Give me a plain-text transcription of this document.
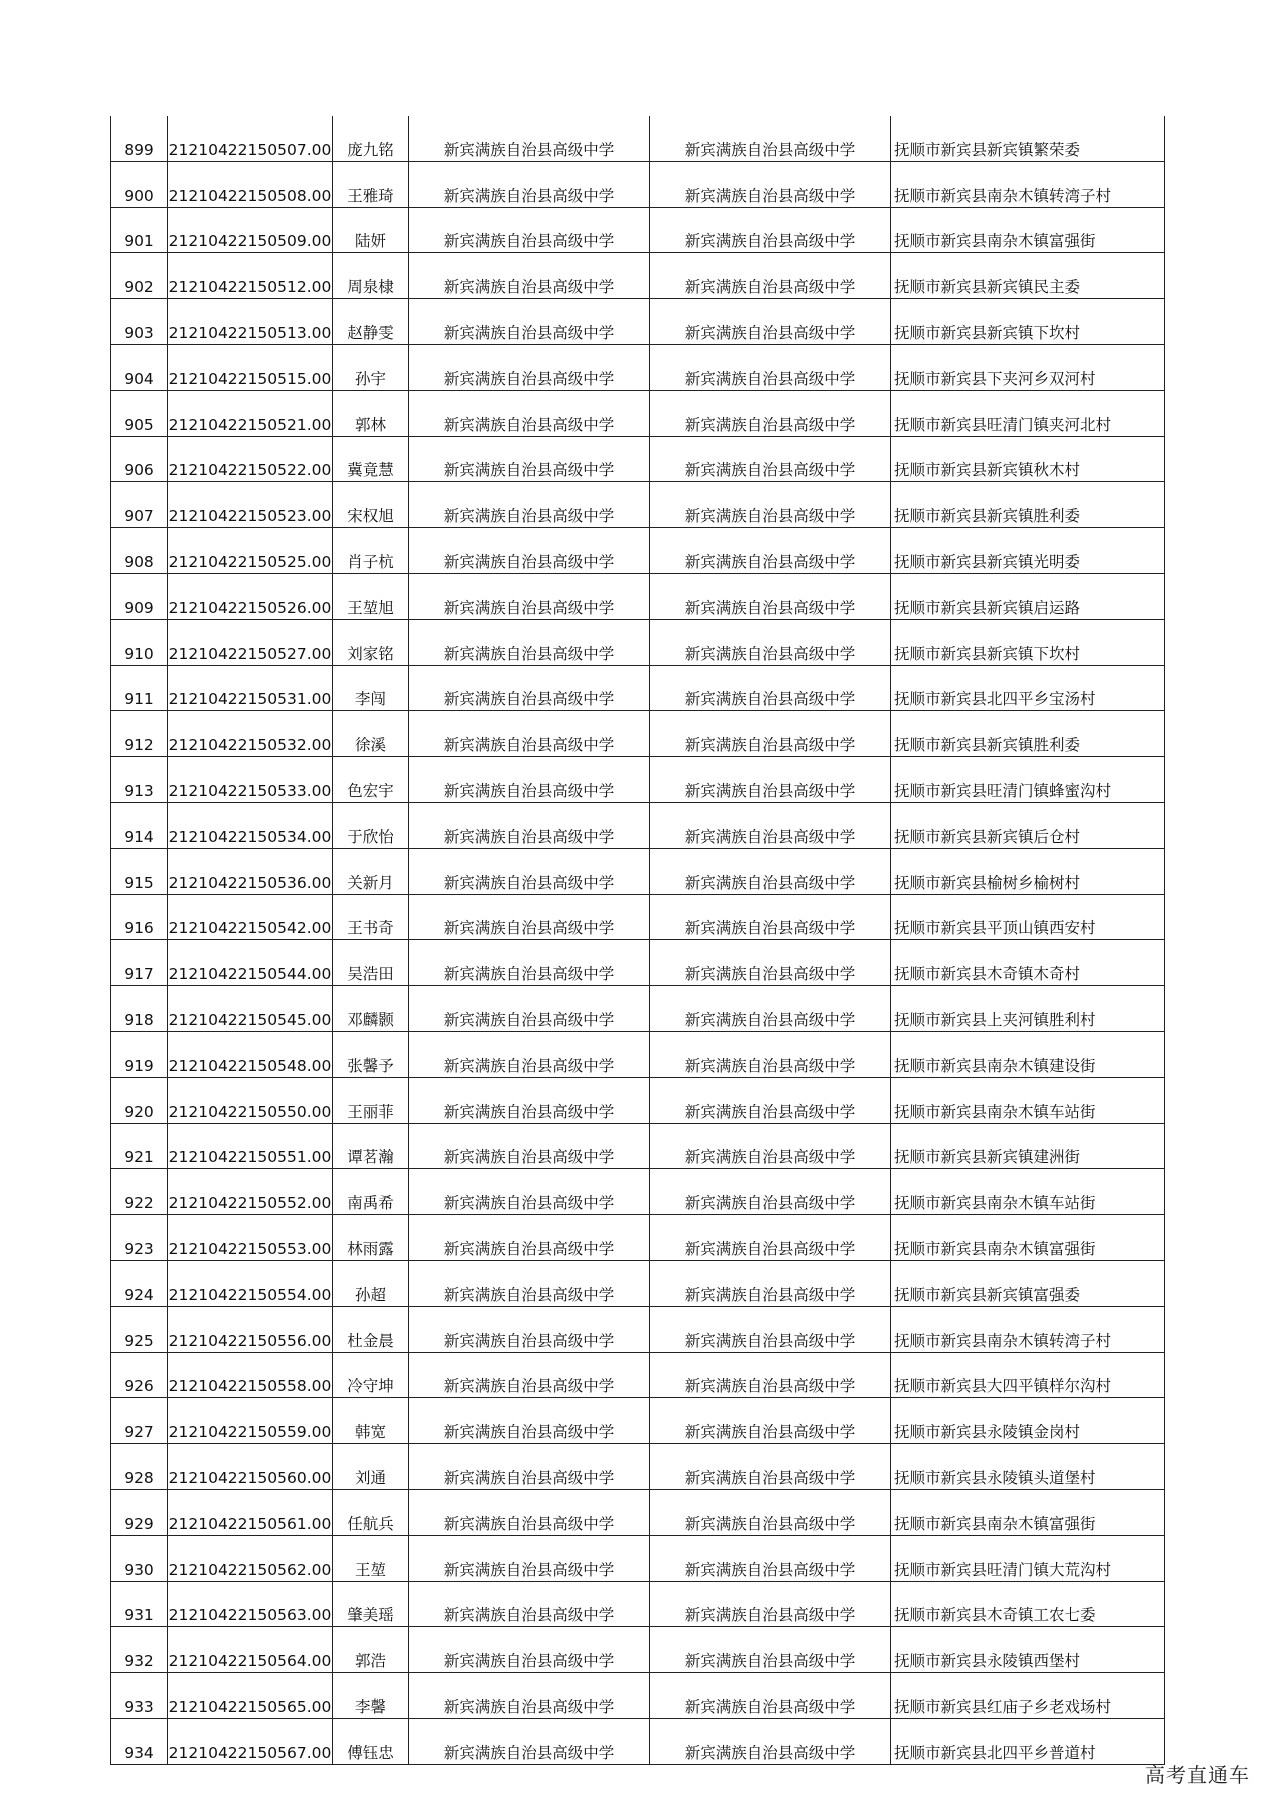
899	21210422150507.00	庞九铭	新宾满族自治县高级中学	新宾满族自治县高级中学	抚顺市新宾县新宾镇繁荣委
900	21210422150508.00	王雅琦	新宾满族自治县高级中学	新宾满族自治县高级中学	抚顺市新宾县南杂木镇转湾子村
901	21210422150509.00	陆妍	新宾满族自治县高级中学	新宾满族自治县高级中学	抚顺市新宾县南杂木镇富强街
902	21210422150512.00	周泉棣	新宾满族自治县高级中学	新宾满族自治县高级中学	抚顺市新宾县新宾镇民主委
903	21210422150513.00	赵静雯	新宾满族自治县高级中学	新宾满族自治县高级中学	抚顺市新宾县新宾镇下坎村
904	21210422150515.00	孙宇	新宾满族自治县高级中学	新宾满族自治县高级中学	抚顺市新宾县下夹河乡双河村
905	21210422150521.00	郭林	新宾满族自治县高级中学	新宾满族自治县高级中学	抚顺市新宾县旺清门镇夹河北村
906	21210422150522.00	冀竟慧	新宾满族自治县高级中学	新宾满族自治县高级中学	抚顺市新宾县新宾镇秋木村
907	21210422150523.00	宋权旭	新宾满族自治县高级中学	新宾满族自治县高级中学	抚顺市新宾县新宾镇胜利委
908	21210422150525.00	肖子杭	新宾满族自治县高级中学	新宾满族自治县高级中学	抚顺市新宾县新宾镇光明委
909	21210422150526.00	王堃旭	新宾满族自治县高级中学	新宾满族自治县高级中学	抚顺市新宾县新宾镇启运路
910	21210422150527.00	刘家铭	新宾满族自治县高级中学	新宾满族自治县高级中学	抚顺市新宾县新宾镇下坎村
911	21210422150531.00	李闯	新宾满族自治县高级中学	新宾满族自治县高级中学	抚顺市新宾县北四平乡宝汤村
912	21210422150532.00	徐溪	新宾满族自治县高级中学	新宾满族自治县高级中学	抚顺市新宾县新宾镇胜利委
913	21210422150533.00	色宏宇	新宾满族自治县高级中学	新宾满族自治县高级中学	抚顺市新宾县旺清门镇蜂蜜沟村
914	21210422150534.00	于欣怡	新宾满族自治县高级中学	新宾满族自治县高级中学	抚顺市新宾县新宾镇后仓村
915	21210422150536.00	关新月	新宾满族自治县高级中学	新宾满族自治县高级中学	抚顺市新宾县榆树乡榆树村
916	21210422150542.00	王书奇	新宾满族自治县高级中学	新宾满族自治县高级中学	抚顺市新宾县平顶山镇西安村
917	21210422150544.00	吴浩田	新宾满族自治县高级中学	新宾满族自治县高级中学	抚顺市新宾县木奇镇木奇村
918	21210422150545.00	邓麟颢	新宾满族自治县高级中学	新宾满族自治县高级中学	抚顺市新宾县上夹河镇胜利村
919	21210422150548.00	张馨予	新宾满族自治县高级中学	新宾满族自治县高级中学	抚顺市新宾县南杂木镇建设街
920	21210422150550.00	王丽菲	新宾满族自治县高级中学	新宾满族自治县高级中学	抚顺市新宾县南杂木镇车站街
921	21210422150551.00	谭茗瀚	新宾满族自治县高级中学	新宾满族自治县高级中学	抚顺市新宾县新宾镇建洲街
922	21210422150552.00	南禹希	新宾满族自治县高级中学	新宾满族自治县高级中学	抚顺市新宾县南杂木镇车站街
923	21210422150553.00	林雨露	新宾满族自治县高级中学	新宾满族自治县高级中学	抚顺市新宾县南杂木镇富强街
924	21210422150554.00	孙超	新宾满族自治县高级中学	新宾满族自治县高级中学	抚顺市新宾县新宾镇富强委
925	21210422150556.00	杜金晨	新宾满族自治县高级中学	新宾满族自治县高级中学	抚顺市新宾县南杂木镇转湾子村
926	21210422150558.00	冷守坤	新宾满族自治县高级中学	新宾满族自治县高级中学	抚顺市新宾县大四平镇样尔沟村
927	21210422150559.00	韩宽	新宾满族自治县高级中学	新宾满族自治县高级中学	抚顺市新宾县永陵镇金岗村
928	21210422150560.00	刘通	新宾满族自治县高级中学	新宾满族自治县高级中学	抚顺市新宾县永陵镇头道堡村
929	21210422150561.00	任航兵	新宾满族自治县高级中学	新宾满族自治县高级中学	抚顺市新宾县南杂木镇富强街
930	21210422150562.00	王堃	新宾满族自治县高级中学	新宾满族自治县高级中学	抚顺市新宾县旺清门镇大荒沟村
931	21210422150563.00	肇美瑶	新宾满族自治县高级中学	新宾满族自治县高级中学	抚顺市新宾县木奇镇工农七委
932	21210422150564.00	郭浩	新宾满族自治县高级中学	新宾满族自治县高级中学	抚顺市新宾县永陵镇西堡村
933	21210422150565.00	李馨	新宾满族自治县高级中学	新宾满族自治县高级中学	抚顺市新宾县红庙子乡老戏场村
934	21210422150567.00	傅钰忠	新宾满族自治县高级中学	新宾满族自治县高级中学	抚顺市新宾县北四平乡普道村
高考直通车
